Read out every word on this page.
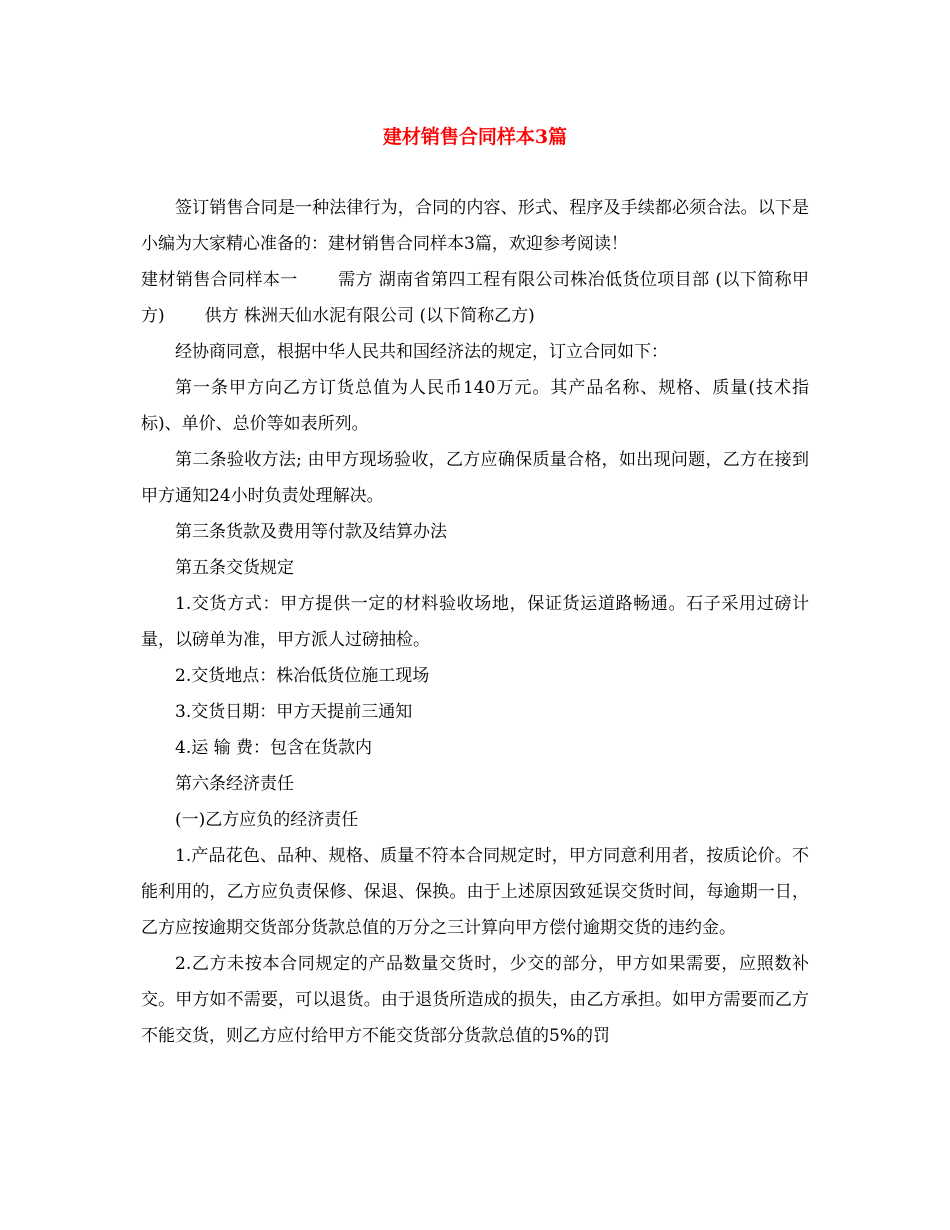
建材销售合同样本3篇

签订销售合同是一种法律行为，合同的内容、形式、程序及手续都必须合法。以下是小编为大家精心准备的：建材销售合同样本3篇，欢迎参考阅读！

建材销售合同样本一 需方 湖南省第四工程有限公司株冶低货位项目部 (以下简称甲方) 供方 株洲天仙水泥有限公司 (以下简称乙方)

经协商同意，根据中华人民共和国经济法的规定，订立合同如下：

第一条甲方向乙方订货总值为人民币140万元。其产品名称、规格、质量(技术指标)、单价、总价等如表所列。

第二条验收方法; 由甲方现场验收，乙方应确保质量合格，如出现问题，乙方在接到甲方通知24小时负责处理解决。

第三条货款及费用等付款及结算办法

第五条交货规定

1.交货方式：甲方提供一定的材料验收场地，保证货运道路畅通。石子采用过磅计量，以磅单为准，甲方派人过磅抽检。

2.交货地点：株冶低货位施工现场

3.交货日期：甲方天提前三通知

4.运 输 费：包含在货款内

第六条经济责任

(一)乙方应负的经济责任

1.产品花色、品种、规格、质量不符本合同规定时，甲方同意利用者，按质论价。不能利用的，乙方应负责保修、保退、保换。由于上述原因致延误交货时间，每逾期一日，乙方应按逾期交货部分货款总值的万分之三计算向甲方偿付逾期交货的违约金。

2.乙方未按本合同规定的产品数量交货时，少交的部分，甲方如果需要，应照数补交。甲方如不需要，可以退货。由于退货所造成的损失，由乙方承担。如甲方需要而乙方不能交货，则乙方应付给甲方不能交货部分货款总值的5%的罚
